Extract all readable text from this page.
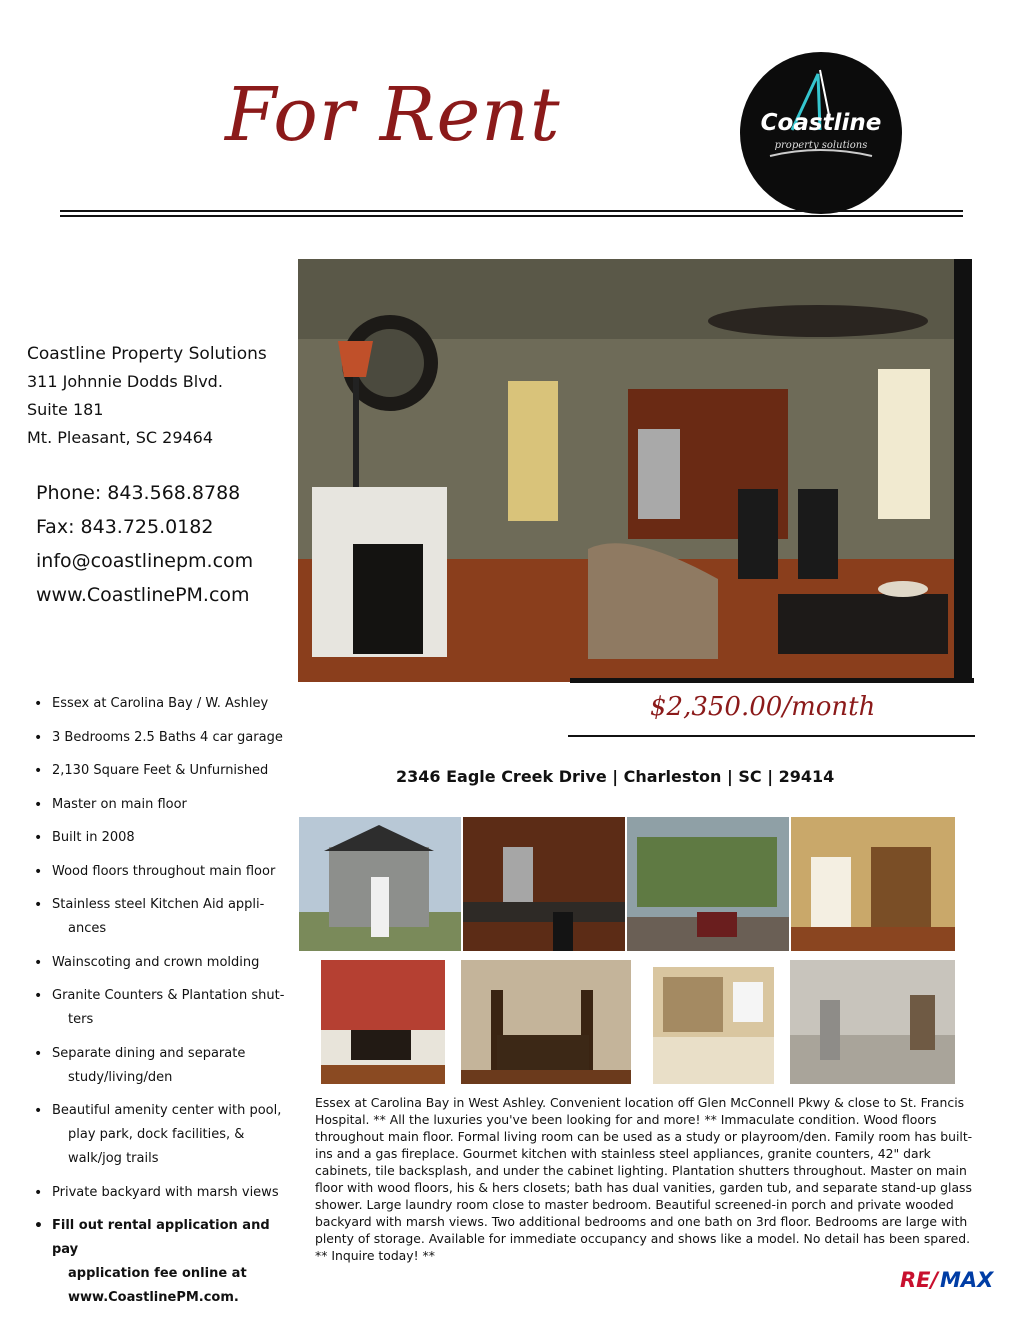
For Rent	Coastline
property solutions
Coastline Property Solutions
311 Johnnie Dodds Blvd.
Suite 181
Mt. Pleasant, SC 29464
Phone: 843.568.8788
Fax: 843.725.0182
info@coastlinepm.com
www.CoastlinePM.com
$2,350.00/month
2346 Eagle Creek Drive | Charleston | SC | 29414
• Essex at Carolina Bay / W. Ashley
• 3 Bedrooms 2.5 Baths 4 car garage
• 2,130 Square Feet & Unfurnished
• Master on main floor
• Built in 2008
• Wood floors throughout main floor
• Stainless steel Kitchen Aid appli-
ances
• Wainscoting and crown molding
• Granite Counters & Plantation shut-
ters
• Separate dining and separate
study/living/den
• Beautiful amenity center with pool,
play park, dock facilities, &
walk/jog trails
• Private backyard with marsh views
• Fill out rental application and pay
application fee online at
www.CoastlinePM.com.
Essex at Carolina Bay in West Ashley. Convenient location off Glen McConnell Pkwy & close to St. Francis Hospital. ** All the luxuries you've been looking for and more! ** Immaculate condition. Wood floors throughout main floor. Formal living room can be used as a study or playroom/den. Family room has built-ins and a gas fireplace. Gourmet kitchen with stainless steel appliances, granite counters, 42" dark cabinets, tile backsplash, and under the cabinet lighting. Plantation shutters throughout. Master on main floor with wood floors, his & hers closets; bath has dual vanities, garden tub, and separate stand-up glass shower. Large laundry room close to master bedroom. Beautiful screened-in porch and private wooded backyard with marsh views. Two additional bedrooms and one bath on 3rd floor. Bedrooms are large with plenty of storage. Available for immediate occupancy and shows like a model. No detail has been spared. ** Inquire today! **
RE/ MAX
